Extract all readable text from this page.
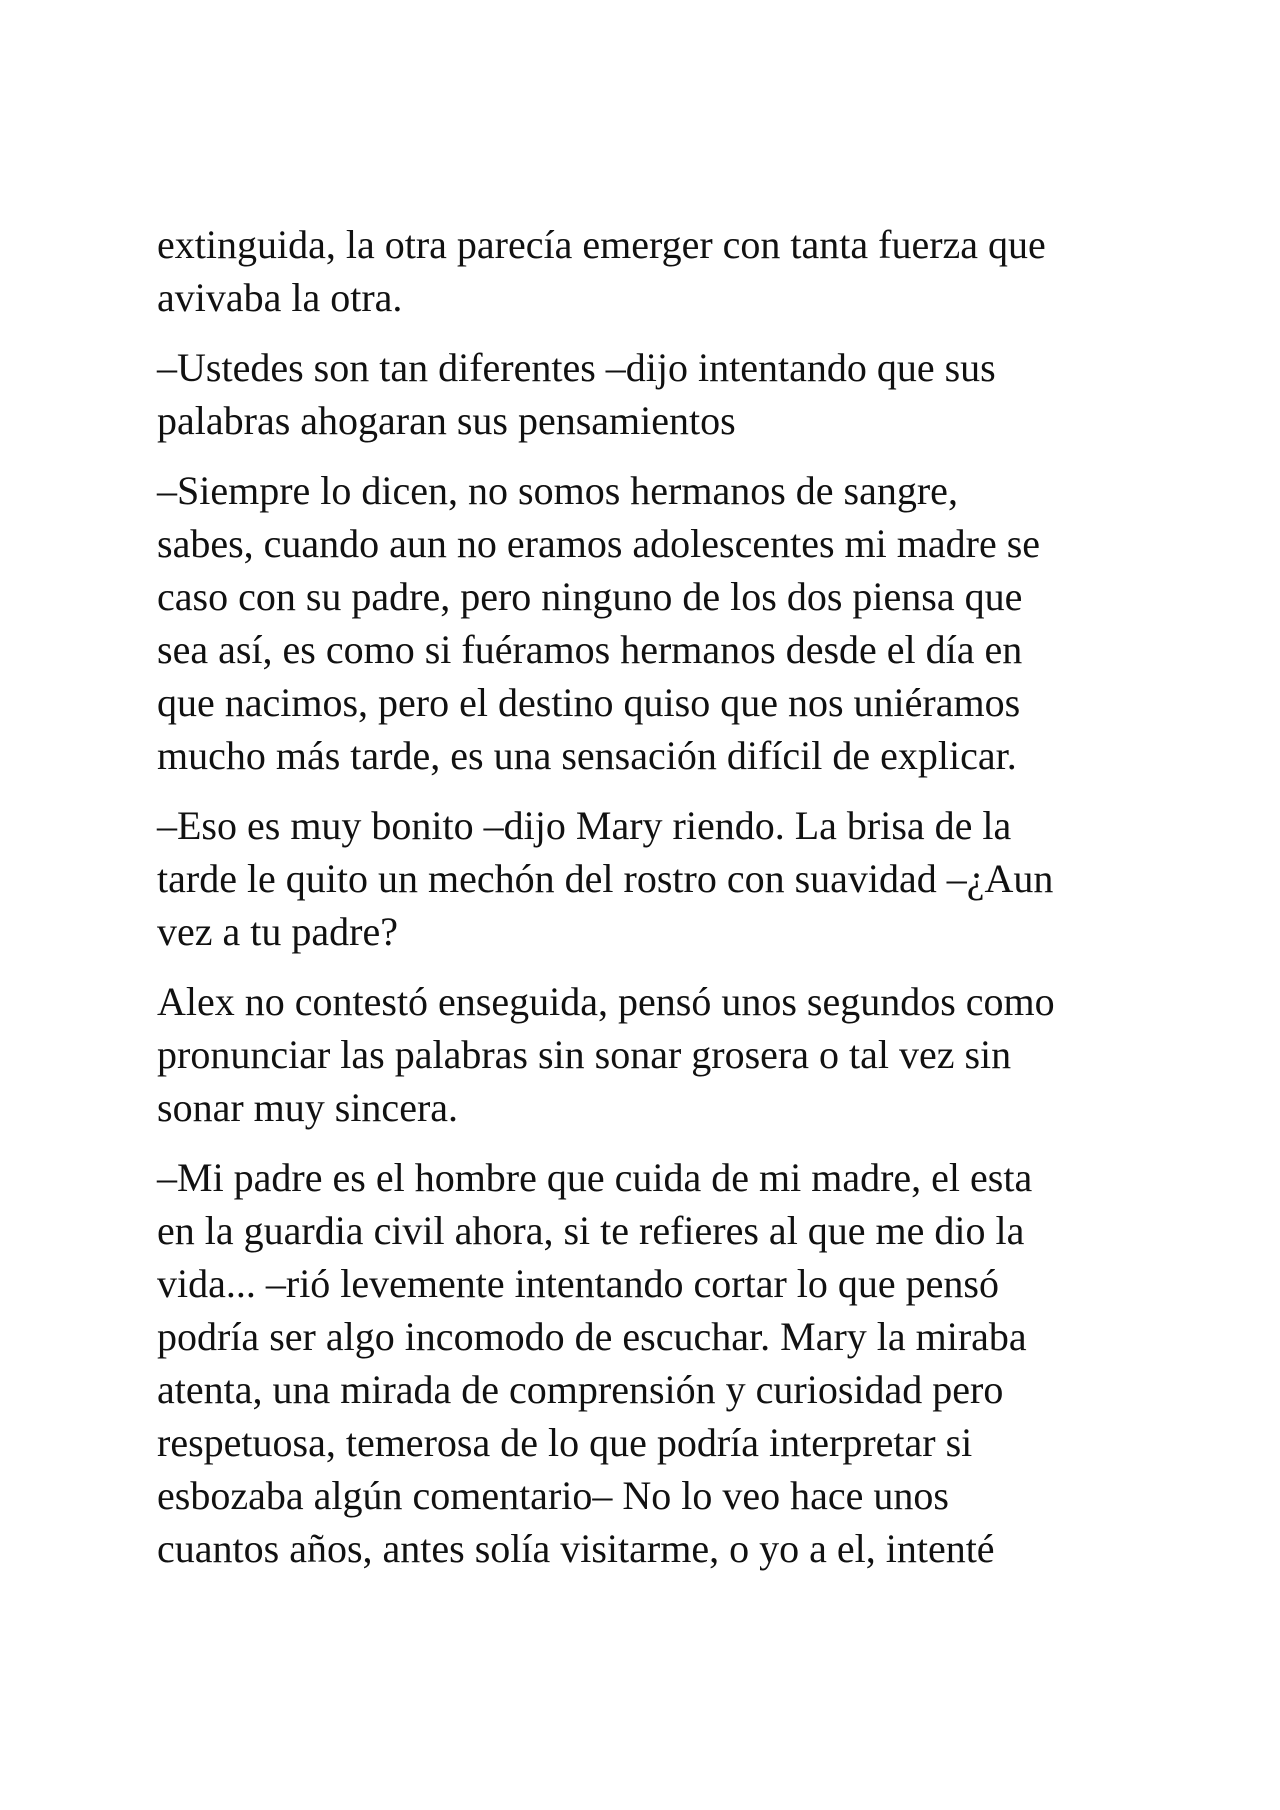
extinguida, la otra parecía emerger con tanta fuerza que
avivaba la otra.

–Ustedes son tan diferentes –dijo intentando que sus
palabras ahogaran sus pensamientos

–Siempre lo dicen, no somos hermanos de sangre,
sabes, cuando aun no eramos adolescentes mi madre se
caso con su padre, pero ninguno de los dos piensa que
sea así, es como si fuéramos hermanos desde el día en
que nacimos, pero el destino quiso que nos uniéramos
mucho más tarde, es una sensación difícil de explicar.

–Eso es muy bonito –dijo Mary riendo. La brisa de la
tarde le quito un mechón del rostro con suavidad –¿Aun
vez a tu padre?

Alex no contestó enseguida, pensó unos segundos como
pronunciar las palabras sin sonar grosera o tal vez sin
sonar muy sincera.

–Mi padre es el hombre que cuida de mi madre, el esta
en la guardia civil ahora, si te refieres al que me dio la
vida... –rió levemente intentando cortar lo que pensó
podría ser algo incomodo de escuchar. Mary la miraba
atenta, una mirada de comprensión y curiosidad pero
respetuosa, temerosa de lo que podría interpretar si
esbozaba algún comentario– No lo veo hace unos
cuantos años, antes solía visitarme, o yo a el, intenté
